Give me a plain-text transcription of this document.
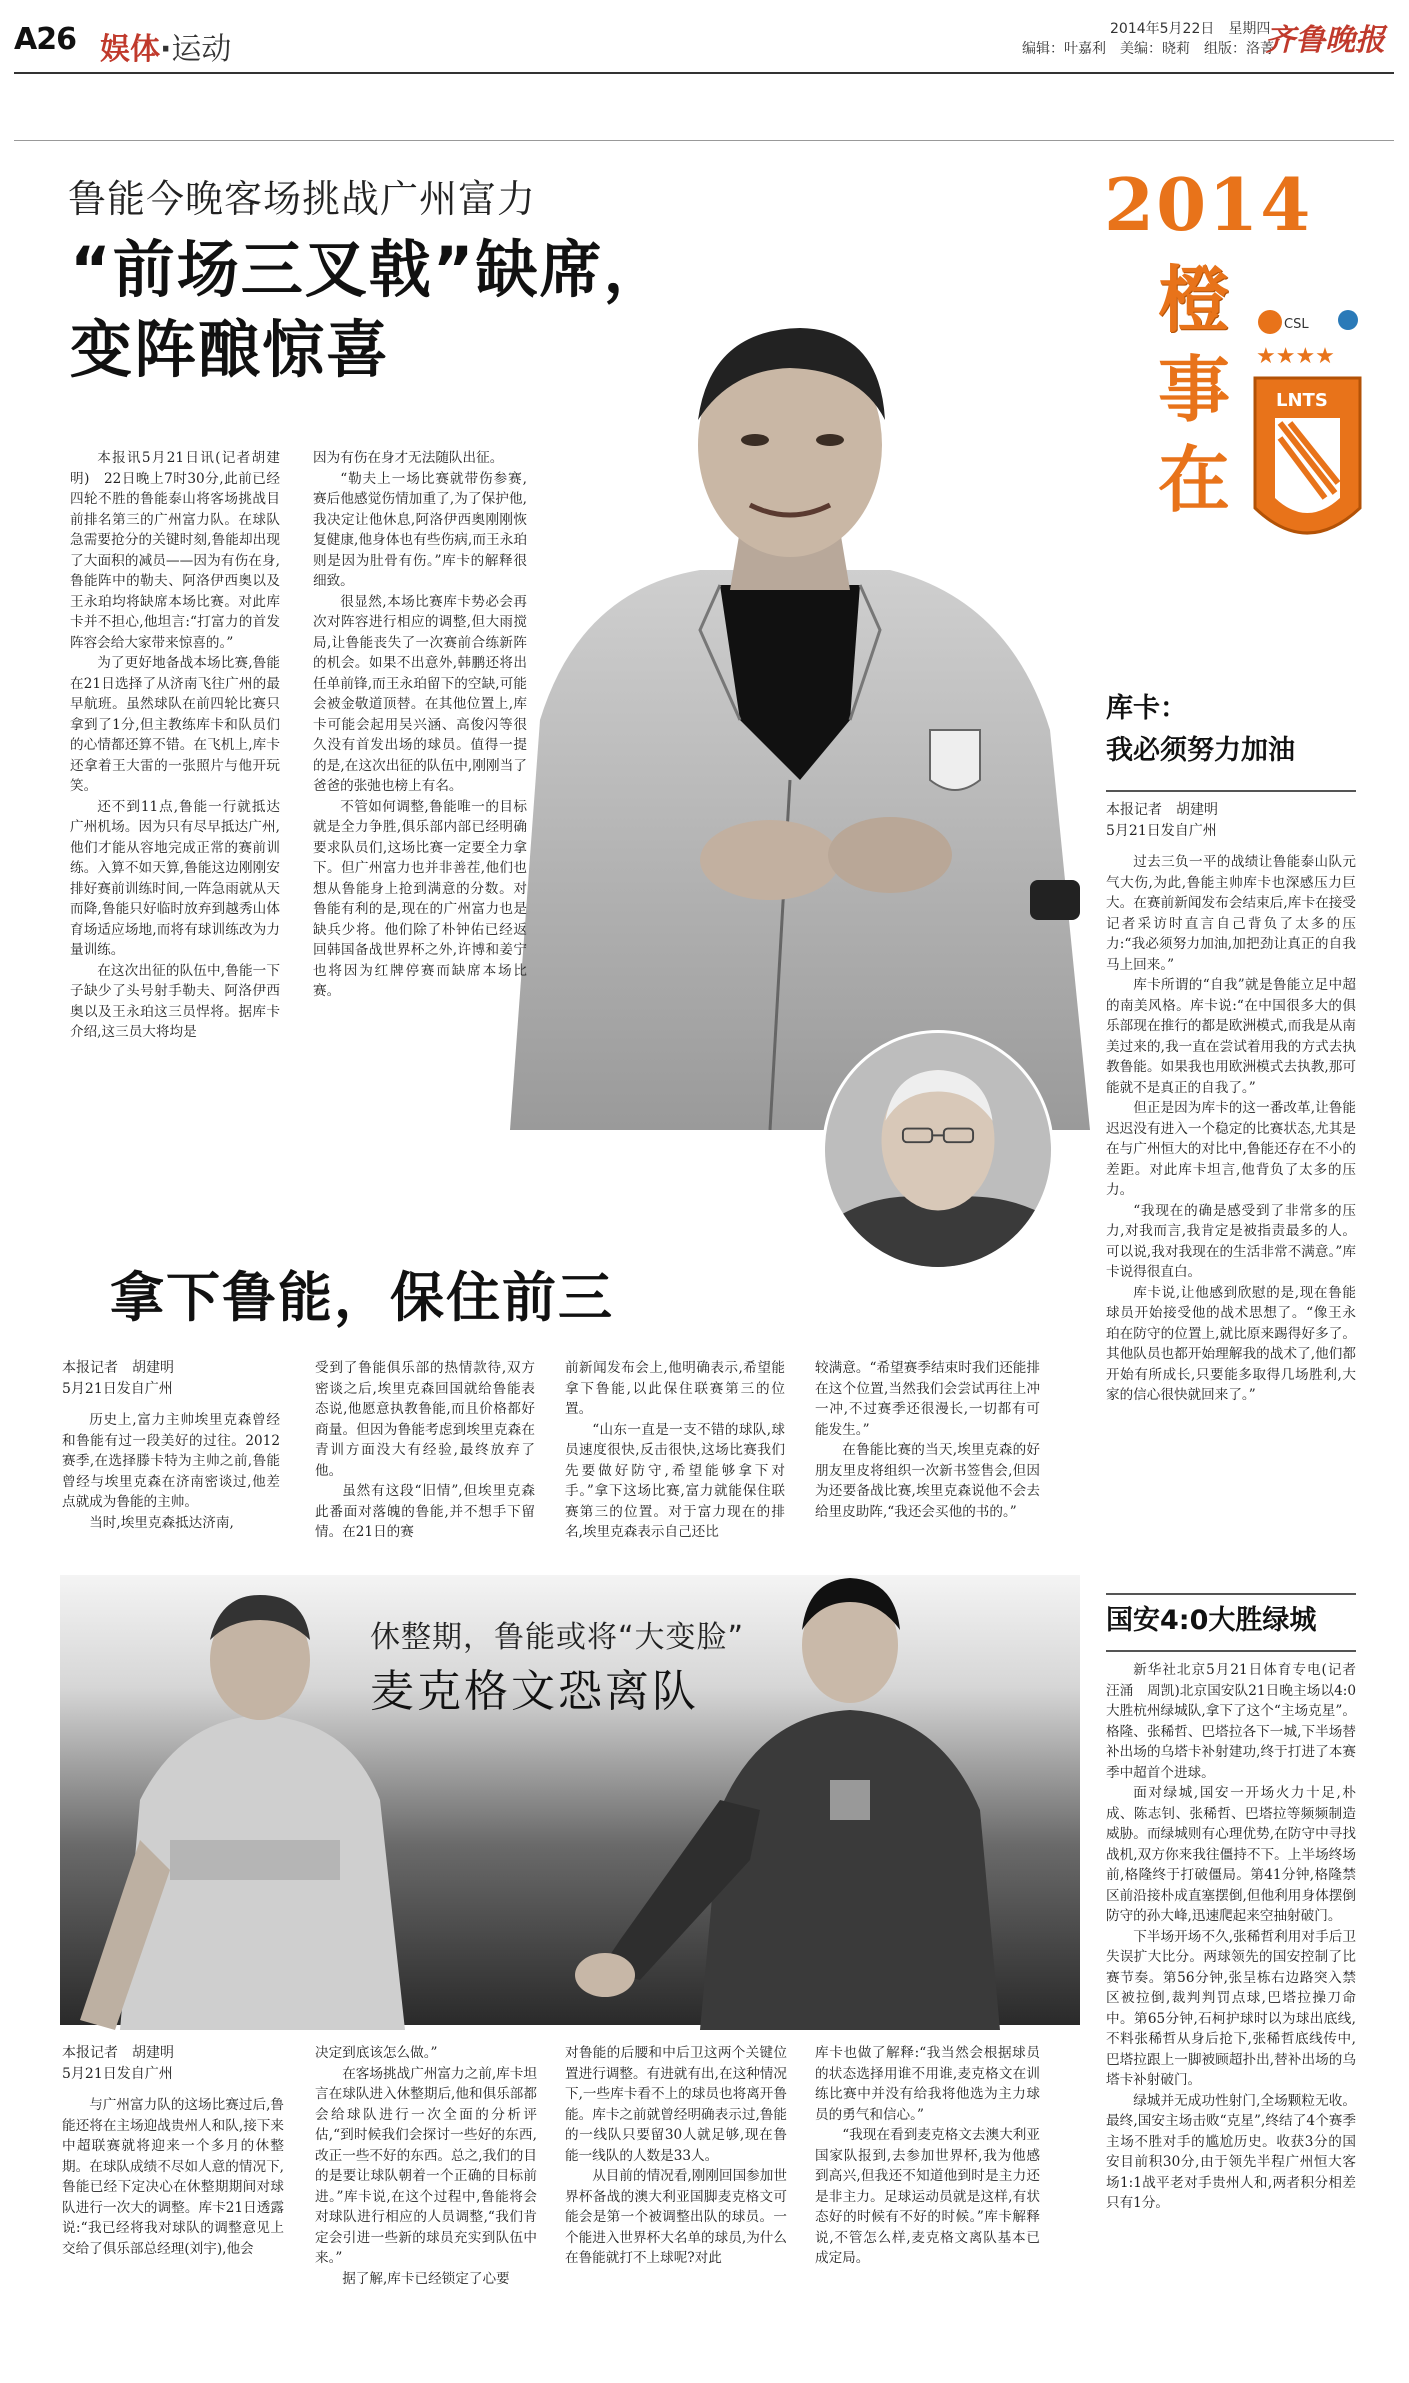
A26 娱体·运动
2014年5月22日　星期四
编辑：叶嘉利　美编：晓莉　组版：洛菁
齐鲁晚报
鲁能今晚客场挑战广州富力
“前场三叉戟”缺席，
变阵酿惊喜

本报讯5月21日讯(记者胡建明)　22日晚上7时30分,此前已经四轮不胜的鲁能泰山将客场挑战目前排名第三的广州富力队。在球队急需要抢分的关键时刻,鲁能却出现了大面积的减员——因为有伤在身,鲁能阵中的勒夫、阿洛伊西奥以及王永珀均将缺席本场比赛。对此库卡并不担心,他坦言:“打富力的首发阵容会给大家带来惊喜的。”

为了更好地备战本场比赛,鲁能在21日选择了从济南飞往广州的最早航班。虽然球队在前四轮比赛只拿到了1分,但主教练库卡和队员们的心情都还算不错。在飞机上,库卡还拿着王大雷的一张照片与他开玩笑。

还不到11点,鲁能一行就抵达广州机场。因为只有尽早抵达广州,他们才能从容地完成正常的赛前训练。入算不如天算,鲁能这边刚刚安排好赛前训练时间,一阵急雨就从天而降,鲁能只好临时放弃到越秀山体育场适应场地,而将有球训练改为力量训练。

在这次出征的队伍中,鲁能一下子缺少了头号射手勒夫、阿洛伊西奥以及王永珀这三员悍将。据库卡介绍,这三员大将均是

因为有伤在身才无法随队出征。

“勒夫上一场比赛就带伤参赛,赛后他感觉伤情加重了,为了保护他,我决定让他休息,阿洛伊西奥刚刚恢复健康,他身体也有些伤病,而王永珀则是因为肚骨有伤。”库卡的解释很细致。

很显然,本场比赛库卡势必会再次对阵容进行相应的调整,但大雨搅局,让鲁能丧失了一次赛前合练新阵的机会。如果不出意外,韩鹏还将出任单前锋,而王永珀留下的空缺,可能会被金敬道顶替。在其他位置上,库卡可能会起用吴兴涵、高俊闪等很久没有首发出场的球员。值得一提的是,在这次出征的队伍中,刚刚当了爸爸的张弛也榜上有名。

不管如何调整,鲁能唯一的目标就是全力争胜,俱乐部内部已经明确要求队员们,这场比赛一定要全力拿下。但广州富力也并非善茬,他们也想从鲁能身上抢到满意的分数。对鲁能有利的是,现在的广州富力也是缺兵少将。他们除了朴钟佑已经返回韩国备战世界杯之外,许博和姜宁也将因为红牌停赛而缺席本场比赛。

拿下鲁能，保住前三
本报记者　胡建明
5月21日发自广州

历史上,富力主帅埃里克森曾经和鲁能有过一段美好的过往。2012赛季,在选择滕卡特为主帅之前,鲁能曾经与埃里克森在济南密谈过,他差点就成为鲁能的主帅。

当时,埃里克森抵达济南,

受到了鲁能俱乐部的热情款待,双方密谈之后,埃里克森回国就给鲁能表态说,他愿意执教鲁能,而且价格都好商量。但因为鲁能考虑到埃里克森在青训方面没大有经验,最终放弃了他。

虽然有这段“旧情”,但埃里克森此番面对落魄的鲁能,并不想手下留情。在21日的赛

前新闻发布会上,他明确表示,希望能拿下鲁能,以此保住联赛第三的位置。

“山东一直是一支不错的球队,球员速度很快,反击很快,这场比赛我们先要做好防守,希望能够拿下对手。”拿下这场比赛,富力就能保住联赛第三的位置。对于富力现在的排名,埃里克森表示自己还比

较满意。“希望赛季结束时我们还能排在这个位置,当然我们会尝试再往上冲一冲,不过赛季还很漫长,一切都有可能发生。”

在鲁能比赛的当天,埃里克森的好朋友里皮将组织一次新书签售会,但因为还要备战比赛,埃里克森说他不会去给里皮助阵,“我还会买他的书的。”

休整期，鲁能或将“大变脸”
麦克格文恐离队
本报记者　胡建明
5月21日发自广州

与广州富力队的这场比赛过后,鲁能还将在主场迎战贵州人和队,接下来中超联赛就将迎来一个多月的休整期。在球队成绩不尽如人意的情况下,鲁能已经下定决心在休整期期间对球队进行一次大的调整。库卡21日透露说:“我已经将我对球队的调整意见上交给了俱乐部总经理(刘宇),他会

决定到底该怎么做。”

在客场挑战广州富力之前,库卡坦言在球队进入休整期后,他和俱乐部都会给球队进行一次全面的分析评估,“到时候我们会探讨一些好的东西,改正一些不好的东西。总之,我们的目的是要让球队朝着一个正确的目标前进。”库卡说,在这个过程中,鲁能将会对球队进行相应的人员调整,“我们肯定会引进一些新的球员充实到队伍中来。”

据了解,库卡已经锁定了心要

对鲁能的后腰和中后卫这两个关键位置进行调整。有进就有出,在这种情况下,一些库卡看不上的球员也将离开鲁能。库卡之前就曾经明确表示过,鲁能的一线队只要留30人就足够,现在鲁能一线队的人数是33人。

从目前的情况看,刚刚回国参加世界杯备战的澳大利亚国脚麦克格文可能会是第一个被调整出队的球员。一个能进入世界杯大名单的球员,为什么在鲁能就打不上球呢?对此

库卡也做了解释:“我当然会根据球员的状态选择用谁不用谁,麦克格文在训练比赛中并没有给我将他选为主力球员的勇气和信心。”

“我现在看到麦克格文去澳大利亚国家队报到,去参加世界杯,我为他感到高兴,但我还不知道他到时是主力还是非主力。足球运动员就是这样,有状态好的时候有不好的时候。”库卡解释说,不管怎么样,麦克格文离队基本已成定局。

2014
橙
事
在
CSL
★★★★
LNTS
库卡：
我必须努力加油
本报记者　胡建明
5月21日发自广州

过去三负一平的战绩让鲁能泰山队元气大伤,为此,鲁能主帅库卡也深感压力巨大。在赛前新闻发布会结束后,库卡在接受记者采访时直言自己背负了太多的压力:“我必须努力加油,加把劲让真正的自我马上回来。”

库卡所谓的“自我”就是鲁能立足中超的南美风格。库卡说:“在中国很多大的俱乐部现在推行的都是欧洲模式,而我是从南美过来的,我一直在尝试着用我的方式去执教鲁能。如果我也用欧洲模式去执教,那可能就不是真正的自我了。”

但正是因为库卡的这一番改革,让鲁能迟迟没有进入一个稳定的比赛状态,尤其是在与广州恒大的对比中,鲁能还存在不小的差距。对此库卡坦言,他背负了太多的压力。

“我现在的确是感受到了非常多的压力,对我而言,我肯定是被指责最多的人。可以说,我对我现在的生活非常不满意。”库卡说得很直白。

库卡说,让他感到欣慰的是,现在鲁能球员开始接受他的战术思想了。“像王永珀在防守的位置上,就比原来踢得好多了。其他队员也都开始理解我的战术了,他们都开始有所成长,只要能多取得几场胜利,大家的信心很快就回来了。”

国安4:0大胜绿城

新华社北京5月21日体育专电(记者　汪涌　周凯)北京国安队21日晚主场以4:0大胜杭州绿城队,拿下了这个“主场克星”。格隆、张稀哲、巴塔拉各下一城,下半场替补出场的乌塔卡补射建功,终于打进了本赛季中超首个进球。

面对绿城,国安一开场火力十足,朴成、陈志钊、张稀哲、巴塔拉等频频制造威胁。而绿城则有心理优势,在防守中寻找战机,双方你来我往僵持不下。上半场终场前,格隆终于打破僵局。第41分钟,格隆禁区前沿接朴成直塞摆倒,但他利用身体摆倒防守的孙大峰,迅速爬起来空抽射破门。

下半场开场不久,张稀哲利用对手后卫失误扩大比分。两球领先的国安控制了比赛节奏。第56分钟,张呈栋右边路突入禁区被拉倒,裁判判罚点球,巴塔拉操刀命中。第65分钟,石柯护球时以为球出底线,不料张稀哲从身后抢下,张稀哲底线传中,巴塔拉跟上一脚被顾超扑出,替补出场的乌塔卡补射破门。

绿城并无成功性射门,全场颗粒无收。最终,国安主场击败“克星”,终结了4个赛季主场不胜对手的尴尬历史。收获3分的国安目前积30分,由于领先半程广州恒大客场1:1战平老对手贵州人和,两者积分相差只有1分。
